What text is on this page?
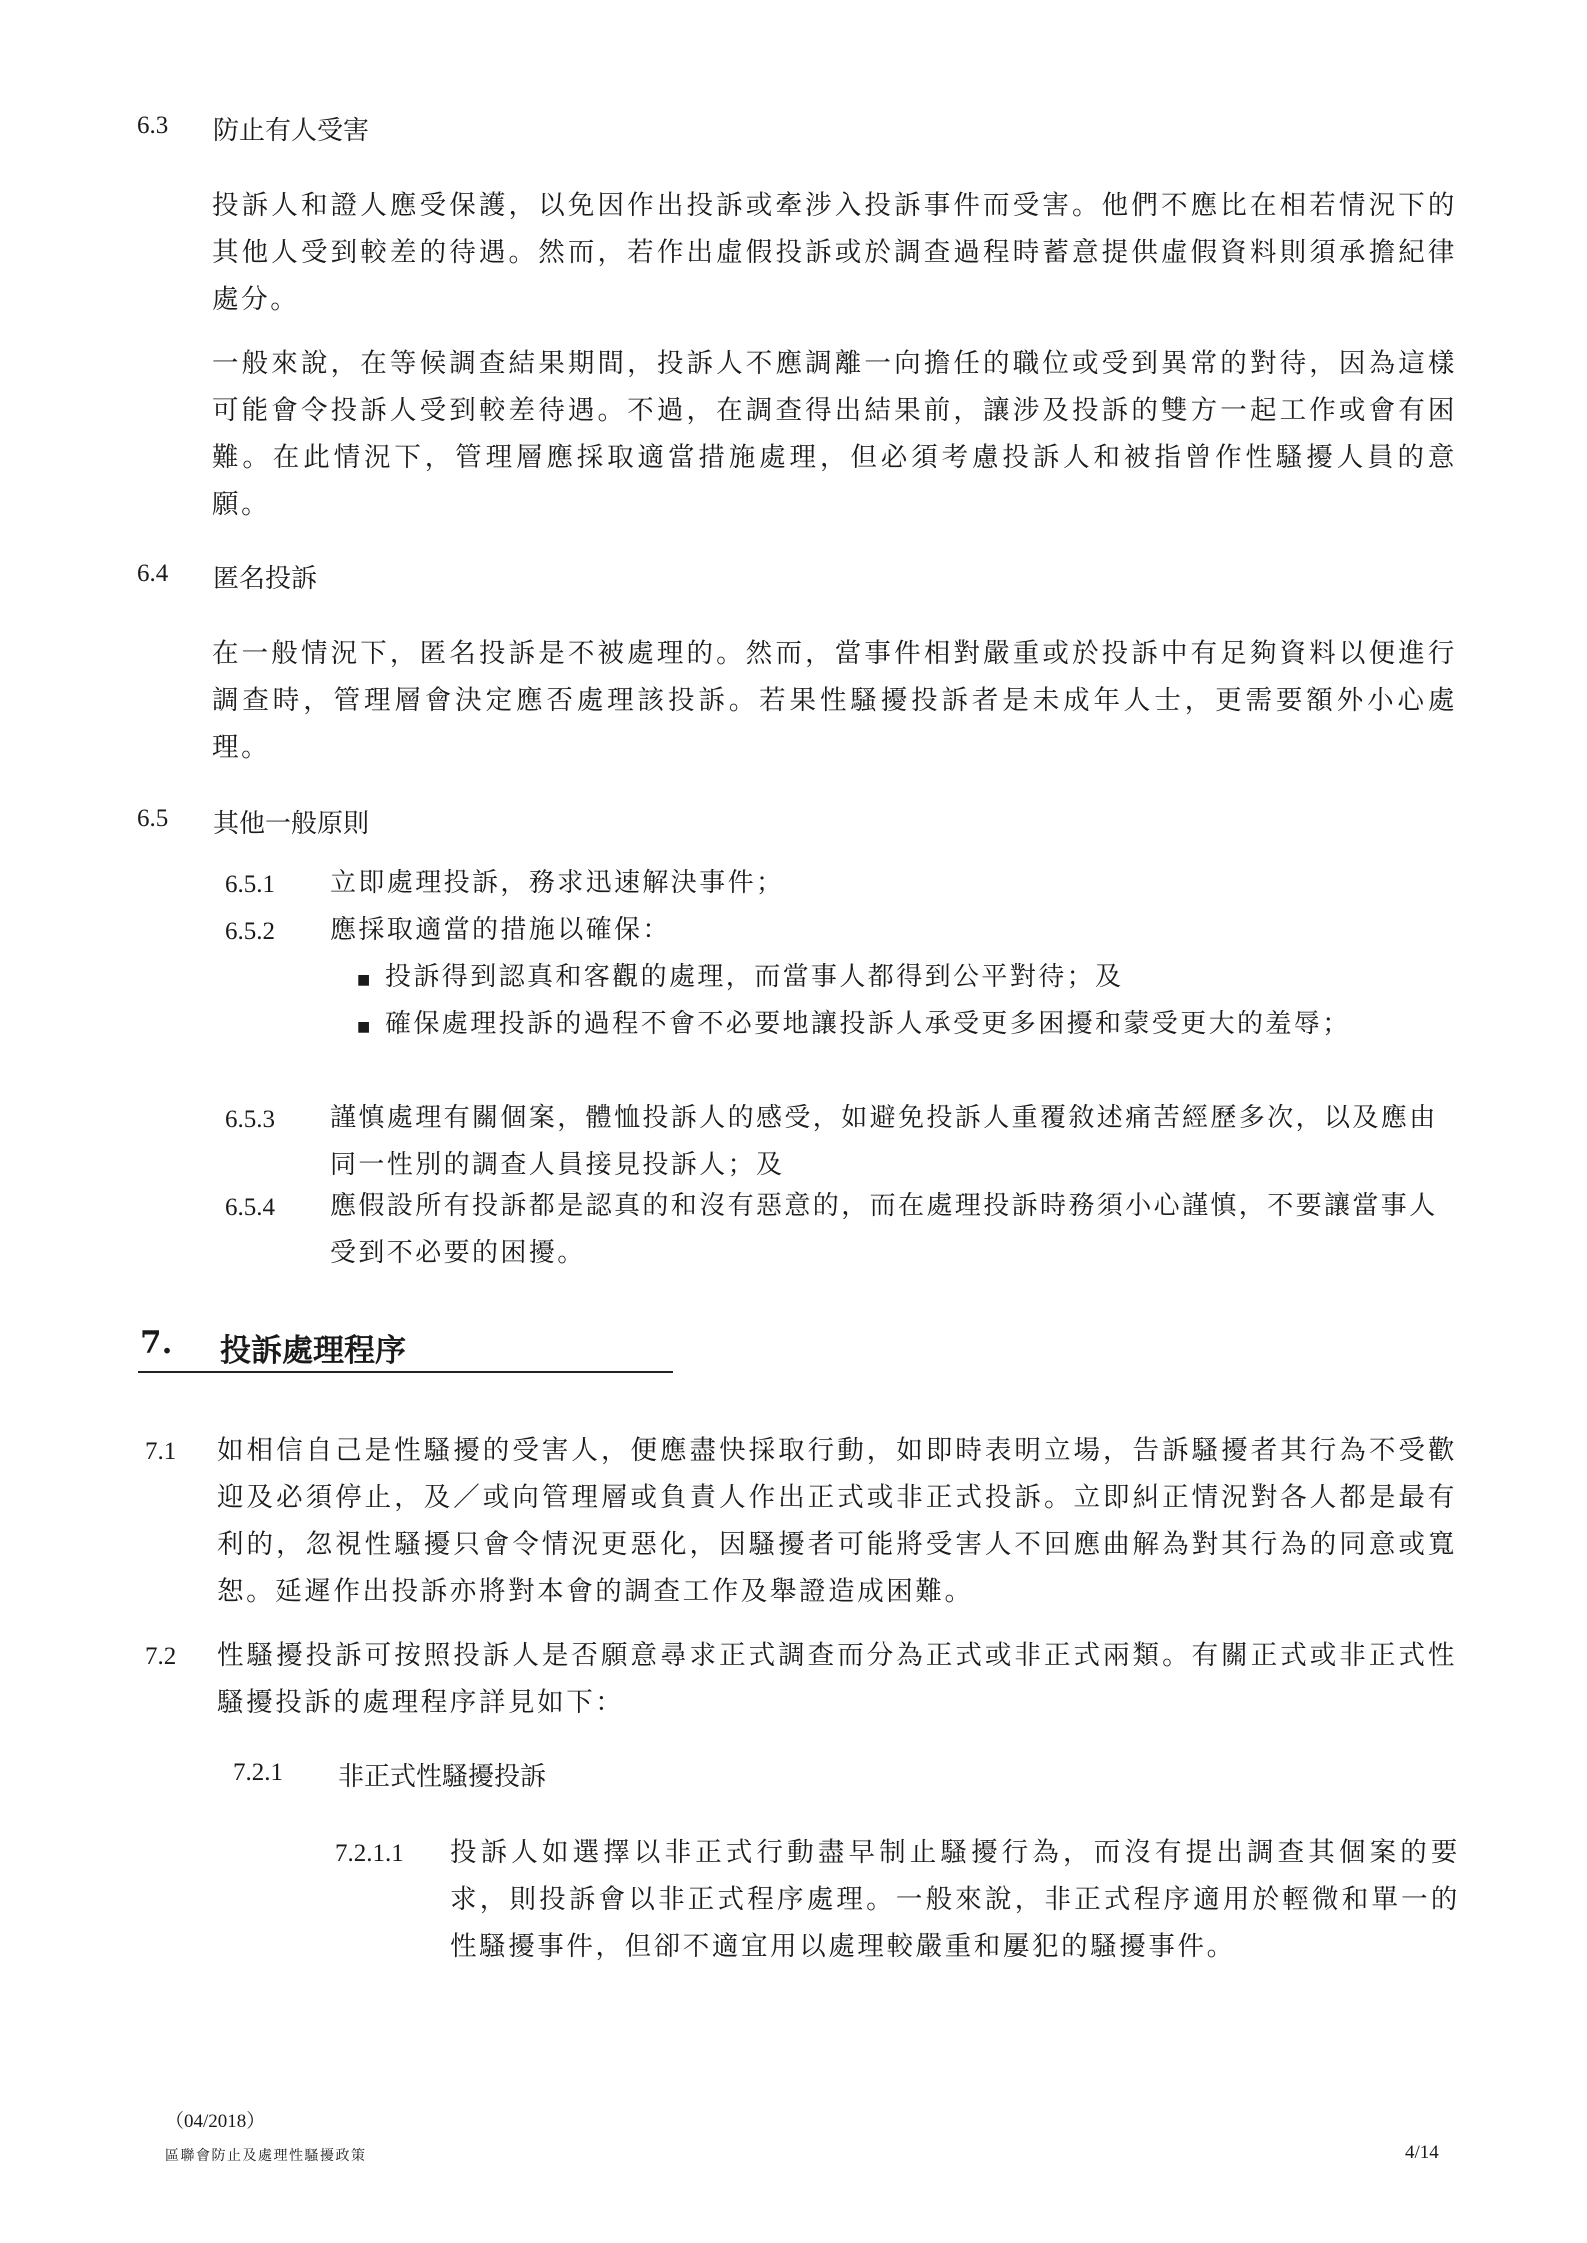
6.3 防止有人受害
投訴人和證人應受保護，以免因作出投訴或牽涉入投訴事件而受害。他們不應比在相若情況下的其他人受到較差的待遇。然而，若作出虛假投訴或於調查過程時蓄意提供虛假資料則須承擔紀律處分。
一般來說，在等候調查結果期間，投訴人不應調離一向擔任的職位或受到異常的對待，因為這樣可能會令投訴人受到較差待遇。不過，在調查得出結果前，讓涉及投訴的雙方一起工作或會有困難。在此情況下，管理層應採取適當措施處理，但必須考慮投訴人和被指曾作性騷擾人員的意願。
6.4 匿名投訴
在一般情況下，匿名投訴是不被處理的。然而，當事件相對嚴重或於投訴中有足夠資料以便進行調查時，管理層會決定應否處理該投訴。若果性騷擾投訴者是未成年人士，更需要額外小心處理。
6.5 其他一般原則
6.5.1 立即處理投訴，務求迅速解決事件；
6.5.2 應採取適當的措施以確保：
■ 投訴得到認真和客觀的處理，而當事人都得到公平對待；及
■ 確保處理投訴的過程不會不必要地讓投訴人承受更多困擾和蒙受更大的羞辱；
6.5.3 謹慎處理有關個案，體恤投訴人的感受，如避免投訴人重覆敘述痛苦經歷多次，以及應由同一性別的調查人員接見投訴人；及
6.5.4 應假設所有投訴都是認真的和沒有惡意的，而在處理投訴時務須小心謹慎，不要讓當事人受到不必要的困擾。
7. 投訴處理程序
7.1 如相信自己是性騷擾的受害人，便應盡快採取行動，如即時表明立場，告訴騷擾者其行為不受歡迎及必須停止，及／或向管理層或負責人作出正式或非正式投訴。立即糾正情況對各人都是最有利的，忽視性騷擾只會令情況更惡化，因騷擾者可能將受害人不回應曲解為對其行為的同意或寬恕。延遲作出投訴亦將對本會的調查工作及舉證造成困難。
7.2 性騷擾投訴可按照投訴人是否願意尋求正式調查而分為正式或非正式兩類。有關正式或非正式性騷擾投訴的處理程序詳見如下：
7.2.1 非正式性騷擾投訴
7.2.1.1 投訴人如選擇以非正式行動盡早制止騷擾行為，而沒有提出調查其個案的要求，則投訴會以非正式程序處理。一般來說，非正式程序適用於輕微和單一的性騷擾事件，但卻不適宜用以處理較嚴重和屢犯的騷擾事件。
（04/2018）
區聯會防止及處理性騷擾政策	4/14
